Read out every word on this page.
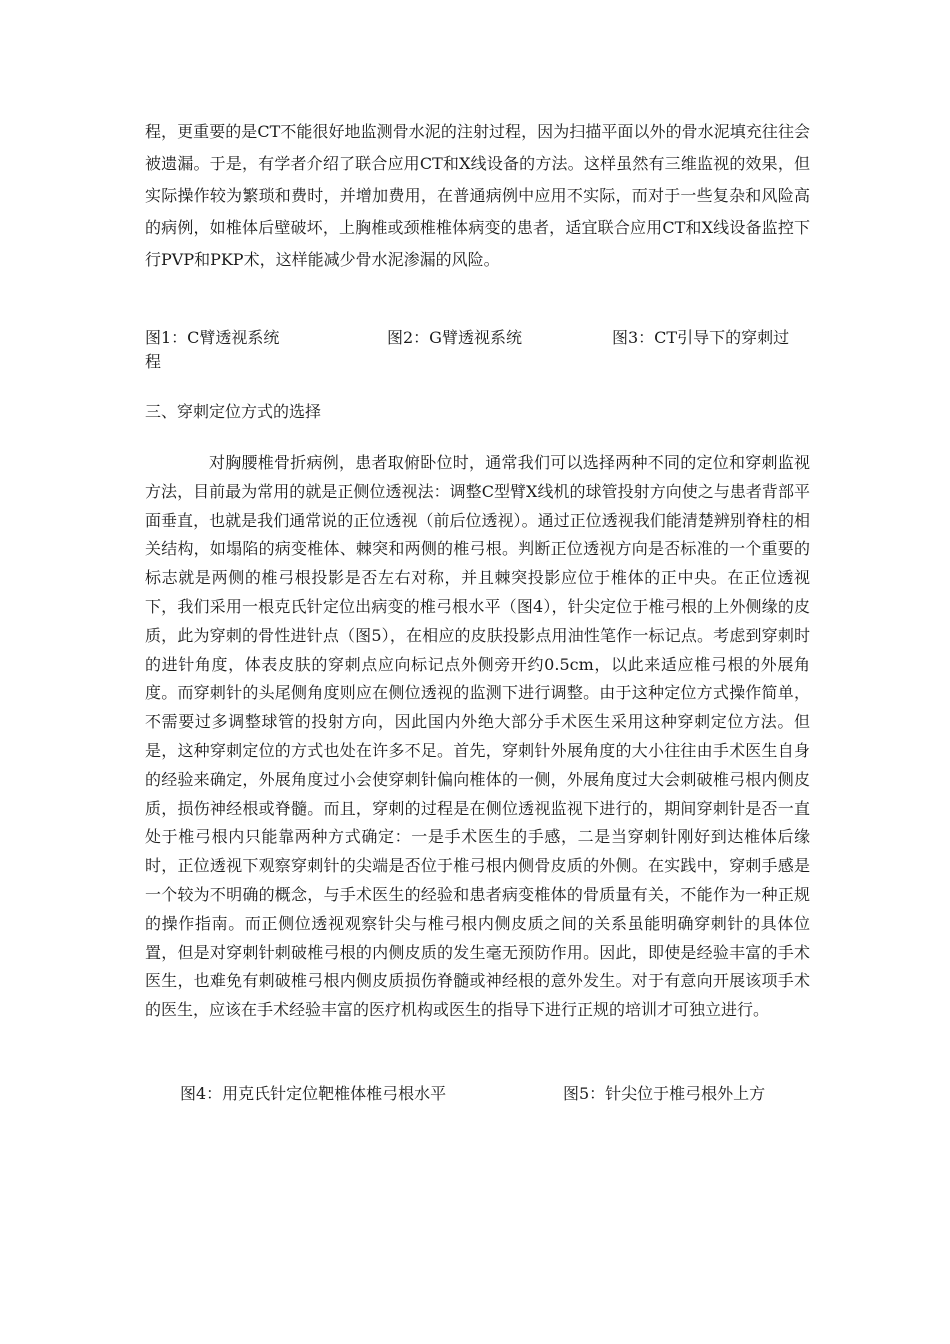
程，更重要的是CT不能很好地监测骨水泥的注射过程，因为扫描平面以外的骨水泥填充往往会被遗漏。于是，有学者介绍了联合应用CT和X线设备的方法。这样虽然有三维监视的效果，但实际操作较为繁琐和费时，并增加费用，在普通病例中应用不实际，而对于一些复杂和风险高的病例，如椎体后壁破坏，上胸椎或颈椎椎体病变的患者，适宜联合应用CT和X线设备监控下行PVP和PKP术，这样能减少骨水泥渗漏的风险。

图1：C臂透视系统	图2：G臂透视系统	图3：CT引导下的穿刺过
程
三、穿刺定位方式的选择

对胸腰椎骨折病例，患者取俯卧位时，通常我们可以选择两种不同的定位和穿刺监视方法，目前最为常用的就是正侧位透视法：调整C型臂X线机的球管投射方向使之与患者背部平面垂直，也就是我们通常说的正位透视（前后位透视）。通过正位透视我们能清楚辨别脊柱的相关结构，如塌陷的病变椎体、棘突和两侧的椎弓根。判断正位透视方向是否标准的一个重要的标志就是两侧的椎弓根投影是否左右对称，并且棘突投影应位于椎体的正中央。在正位透视下，我们采用一根克氏针定位出病变的椎弓根水平（图4），针尖定位于椎弓根的上外侧缘的皮质，此为穿刺的骨性进针点（图5），在相应的皮肤投影点用油性笔作一标记点。考虑到穿刺时的进针角度，体表皮肤的穿刺点应向标记点外侧旁开约0.5cm，以此来适应椎弓根的外展角度。而穿刺针的头尾侧角度则应在侧位透视的监测下进行调整。由于这种定位方式操作简单，不需要过多调整球管的投射方向，因此国内外绝大部分手术医生采用这种穿刺定位方法。但是，这种穿刺定位的方式也处在许多不足。首先，穿刺针外展角度的大小往往由手术医生自身的经验来确定，外展角度过小会使穿刺针偏向椎体的一侧，外展角度过大会刺破椎弓根内侧皮质，损伤神经根或脊髓。而且，穿刺的过程是在侧位透视监视下进行的，期间穿刺针是否一直处于椎弓根内只能靠两种方式确定：一是手术医生的手感，二是当穿刺针刚好到达椎体后缘时，正位透视下观察穿刺针的尖端是否位于椎弓根内侧骨皮质的外侧。在实践中，穿刺手感是一个较为不明确的概念，与手术医生的经验和患者病变椎体的骨质量有关，不能作为一种正规的操作指南。而正侧位透视观察针尖与椎弓根内侧皮质之间的关系虽能明确穿刺针的具体位置，但是对穿刺针刺破椎弓根的内侧皮质的发生毫无预防作用。因此，即使是经验丰富的手术医生，也难免有刺破椎弓根内侧皮质损伤脊髓或神经根的意外发生。对于有意向开展该项手术的医生，应该在手术经验丰富的医疗机构或医生的指导下进行正规的培训才可独立进行。

图4：用克氏针定位靶椎体椎弓根水平	图5：针尖位于椎弓根外上方
